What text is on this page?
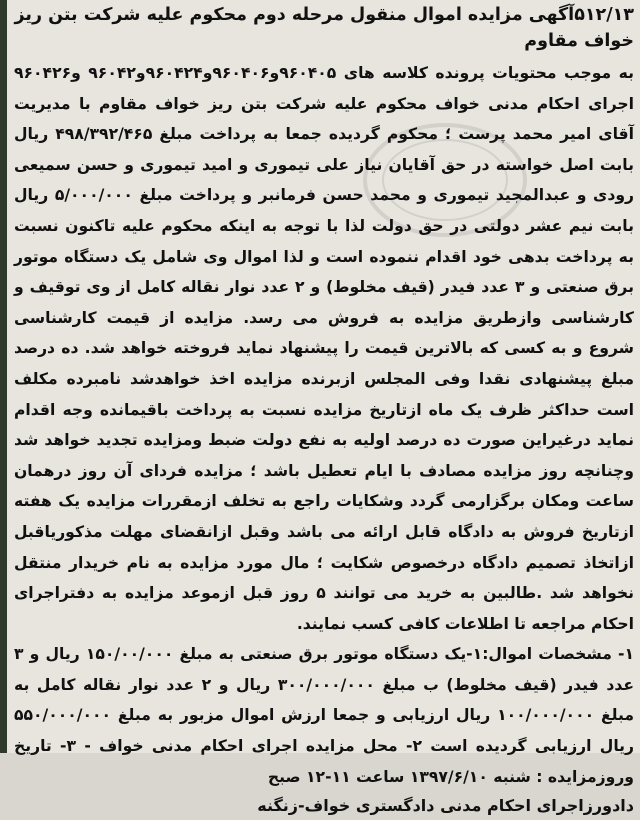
۵۱۲/۱۳آگهی مزایده اموال منقول مرحله دوم محکوم علیه شرکت بتن ریز خواف مقاوم

به موجب محتویات پرونده کلاسه های ۹۶۰۴۰۵و۹۶۰۴۰۶و۹۶۰۴۲۴و۹۶۰۴۲ و۹۶۰۴۲۶ اجرای احکام مدنی خواف محکوم علیه شرکت بتن ریز خواف مقاوم با مدیریت آقای امیر محمد پرست ؛ محکوم گردیده جمعا به پرداخت مبلغ ۴۹۸/۳۹۲/۴۶۵ ریال بابت اصل خواسته در حق آقایان نیاز علی تیموری و امید تیموری و حسن سمیعی رودی و عبدالمجید تیموری و محمد حسن فرمانبر و پرداخت مبلغ ۵/۰۰۰/۰۰۰ ریال بابت نیم عشر دولتی در حق دولت لذا با توجه به اینکه محکوم علیه تاکنون نسبت به پرداخت بدهی خود اقدام ننموده است و لذا اموال وی شامل یک دستگاه موتور برق صنعتی و ۳ عدد فیدر (قیف مخلوط) و ۲ عدد نوار نقاله کامل از وی توقیف و کارشناسی وازطریق مزایده به فروش می رسد. مزایده از قیمت کارشناسی شروع و به کسی که بالاترین قیمت را پیشنهاد نماید فروخته خواهد شد. ده درصد مبلغ پیشنهادی نقدا وفی المجلس ازبرنده مزایده اخذ خواهدشد نامبرده مکلف است حداکثر ظرف یک ماه ازتاریخ مزایده نسبت به پرداخت باقیمانده وجه اقدام نماید درغیراین صورت ده درصد اولیه به نفع دولت ضبط ومزایده تجدید خواهد شد وچنانچه روز مزایده مصادف با ایام تعطیل باشد ؛ مزایده فردای آن روز درهمان ساعت ومکان برگزارمی گردد وشکایات راجع به تخلف ازمقررات مزایده یک هفته ازتاریخ فروش به دادگاه قابل ارائه می باشد وقبل ازانقضای مهلت مذکوریاقبل ازاتخاذ تصمیم دادگاه درخصوص شکایت ؛ مال مورد مزایده به نام خریدار منتقل نخواهد شد .طالبین به خرید می توانند ۵ روز قبل ازموعد مزایده به دفتراجرای احکام مراجعه تا اطلاعات کافی کسب نمایند.

۱- مشخصات اموال:۱-یک دستگاه موتور برق صنعتی به مبلغ ۱۵۰/۰۰/۰۰۰ ریال و ۳ عدد فیدر (قیف مخلوط) ب مبلغ ۳۰۰/۰۰۰/۰۰۰ ریال و ۲ عدد نوار نقاله کامل به مبلغ ۱۰۰/۰۰۰/۰۰۰ ریال ارزیابی و جمعا ارزش اموال مزبور به مبلغ ۵۵۰/۰۰۰/۰۰۰ ریال ارزیابی گردیده است ۲- محل مزایده اجرای احکام مدنی خواف - ۳- تاریخ وروزمزایده : شنبه ۱۳۹۷/۶/۱۰ ساعت ۱۱-۱۲ صبح

دادورزاجرای احکام مدنی دادگستری خواف-زنگنه
